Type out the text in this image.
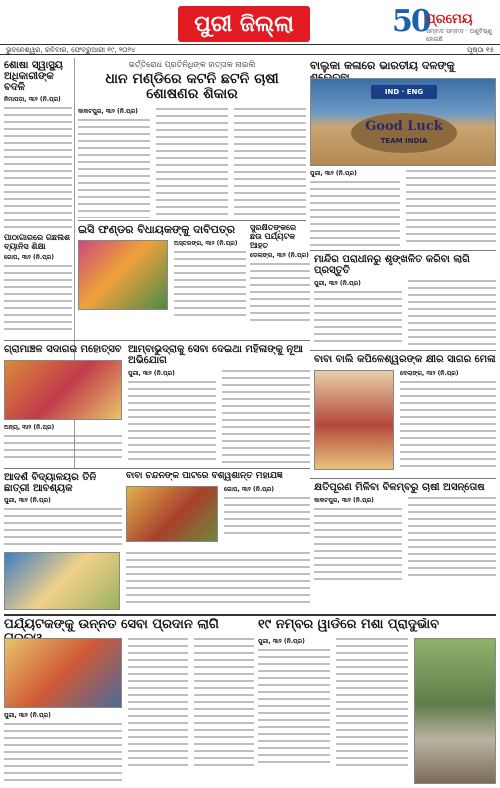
ପୁରୀ ଜିଲ୍ଲା	50
ପ୍ରମେୟ
ସମ୍ବାଦ ସମ୍ବାଦ · ଅଣୁବିଷ୍ଣୁ ହୋଇଛି
ଭୁବନେଶ୍ୱର, ରବିବାର, ଫେବ୍ରୁଆରୀ ୧୯, ୨୦୨୪	ପୃଷ୍ଠା ୧୫
ଶୋଷା ସ୍ୱାସ୍ଥ୍ୟ ଅଧିକାରୀଙ୍କ ବଦଳି
ନିମାପଡ଼ା, ୩ା୨ (ନି.ପ୍ର)
ଭର୍ତ୍ତିରୋଧ ପ୍ରତିନିଧିଙ୍କ ହାତ୍ତାକ ନାଇଲି
ଧାନ ମଣ୍ଡିରେ କଟନି ଛଟନି ଚାଷୀ ଶୋଷଣର ଶିକାର
କାକଟପୁର, ୩ା୨ (ନି.ପ୍ର)
ବାଲୁକା କଳାରେ ଭାରତୀୟ ଦଳଙ୍କୁ
IND · ENG
Good Luck
TEAM INDIA
ପୁରୀ, ୩ା୨ (ନି.ପ୍ର)
ଇସି ଫଣ୍ଡର ବିଧାୟକଙ୍କୁ ଦାବିପତ୍ର
ଅସ୍ତରଙ୍ଗ, ୩ା୨ (ନି.ପ୍ର)
ସୁରକ୍ଷିତଙ୍କରେ ଛଉ ପର୍ଯ୍ୟଟକ ଆହତ
ଡେଲାଙ୍ଗ, ୩ା୨ (ନି.ପ୍ର)
ପାଠାଗାରରେ ଗଛଲିଶ ବ୍ୟାନିସ ଶିକ୍ଷା
ଗୋପ, ୩ା୨ (ନି.ପ୍ର)	ମାନ୍ଦିର ପରାଧୀନରୁ ଶୃଙ୍ଖଳିତ କରିବା ଲାଗି ପ୍ରସ୍ତୁତି
ପୁରୀ, ୩ା୨ (ନି.ପ୍ର)
ଗ୍ରାମାଞ୍ଚଳ ସଦାଗର ମହୋତ୍ସବ
ଅନ୍ୟ, ୩ା୨ (ନି.ପ୍ର)
ଆମ୍ବାଭୁଦ୍ରାକୁ ସେବା ଦେଇଥା ମହିଳାଙ୍କୁ ନୂଆ ଅଭିଯୋଗ
ପୁରୀ, ୩ା୨ (ନି.ପ୍ର)
ବାବା ବାଲି କପିଳେଶ୍ୱରଙ୍କ କ୍ଷୀର ସାଗର ମେଳା
ଦେଲାଙ୍ଗ, ୩ା୨ (ନି.ପ୍ର)
ଆଦର୍ଶ ବିଦ୍ୟାଳୟର ତିନି ଛାତ୍ରୀ ଆବଶ୍ୟକ
ପୁରୀ, ୩ା୨ (ନି.ପ୍ର)
ବାବା ଚନ୍ଦନଙ୍କ ପାଟରେ ବିଶ୍ୱଶାନ୍ତି ମହାଯଜ୍ଞ
ଗୋପ, ୩ା୨ (ନି.ପ୍ର)	କ୍ଷତିପୂରଣ ମିଳିବା ବିଳମ୍ବରୁ ଚାଷୀ ଅସନ୍ତୋଷ
କାକଟପୁର, ୩ା୨ (ନି.ପ୍ର)
ପର୍ଯ୍ୟଟକଙ୍କୁ ଉନ୍ନତ ସେବା ପ୍ରଦାନ ଲାଗି
ପୁରୀ, ୩ା୨ (ନି.ପ୍ର)
୧୯ ନମ୍ବର ୱାର୍ଡରେ ମଶା ପ୍ରାଦୁର୍ଭାବ
ପୁରୀ, ୩ା୨ (ନି.ପ୍ର)
